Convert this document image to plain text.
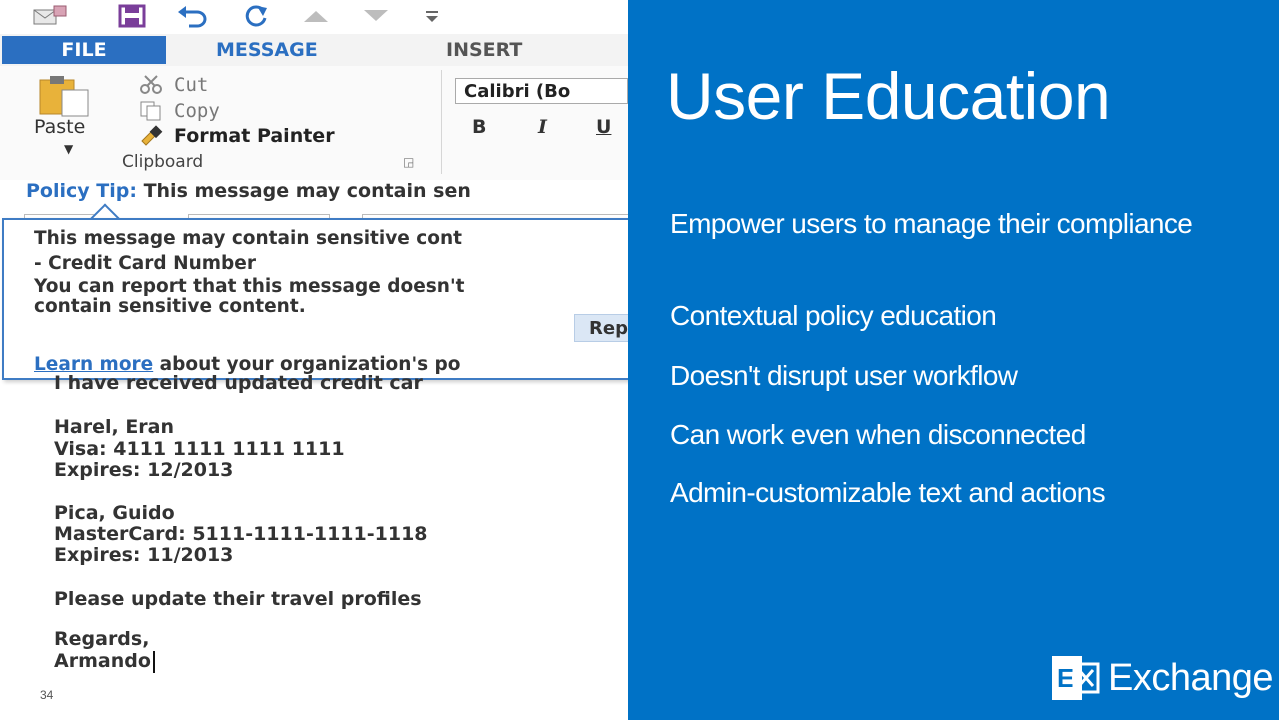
FILE	MESSAGE	INSERT
Paste
▼
Cut
Copy
Format Painter
Clipboard	◲
Calibri (Bo
B	I	U
Policy Tip: This message may contain sen
This message may contain sensitive cont
- Credit Card Number
You can report that this message doesn't
contain sensitive content.
Rep
Learn more about your organization's po
I have received updated credit car
Harel, Eran
Visa: 4111 1111 1111 1111
Expires: 12/2013
Pica, Guido
MasterCard: 5111-1111-1111-1118
Expires: 11/2013
Please update their travel profiles
Regards,
Armando
34
User Education
Empower users to manage their compliance
Contextual policy education
Doesn't disrupt user workflow
Can work even when disconnected
Admin-customizable text and actions
E Exchange
